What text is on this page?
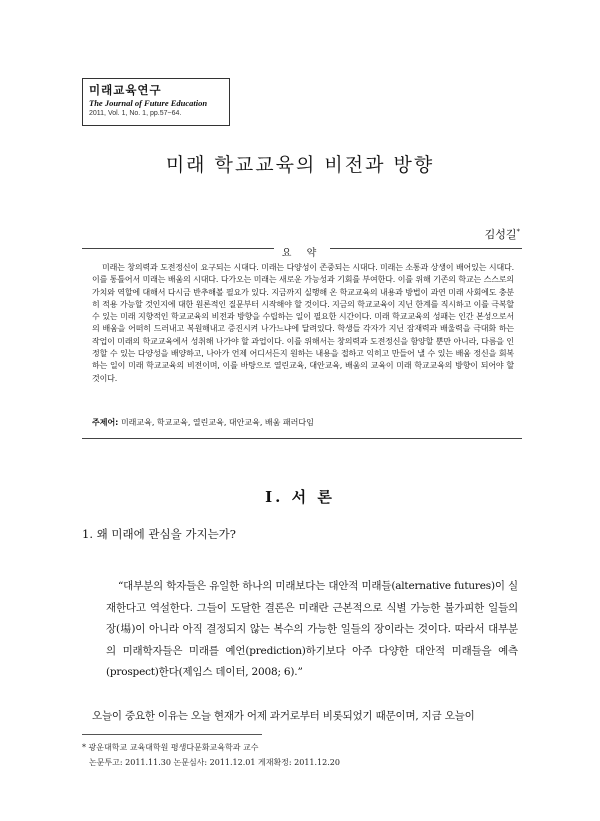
미래교육연구
The Journal of Future Education
2011, Vol. 1, No. 1, pp.57~64.
미래 학교교육의 비전과 방향
김성길*
요 약
미래는 창의력과 도전정신이 요구되는 시대다. 미래는 다양성이 존중되는 시대다. 미래는 소통과 상생이 배어있는 시대다. 이를 통틀어서 미래는 배움의 시대다. 다가오는 미래는 새로운 가능성과 기회를 부여한다. 이를 위해 기존의 학교는 스스로의 가치와 역할에 대해서 다시금 반추해볼 필요가 있다. 지금까지 실행해 온 학교교육의 내용과 방법이 과연 미래 사회에도 충분히 적용 가능할 것인지에 대한 원론적인 질문부터 시작해야 할 것이다. 지금의 학교교육이 지닌 한계를 직시하고 이를 극복할 수 있는 미래 지향적인 학교교육의 비전과 방향을 수립하는 일이 필요한 시간이다. 미래 학교교육의 성패는 인간 본성으로서의 배움을 어떠히 드러내고 복원해내고 증진시켜 나가느냐에 달려있다. 학생들 각자가 지닌 잠재력과 배울력을 극대화 하는 작업이 미래의 학교교육에서 성취해 나가야 할 과업이다. 이를 위해서는 창의력과 도전정신을 함양할 뿐만 아니라, 다름을 인정할 수 있는 다양성을 배양하고, 나아가 언제 어디서든지 원하는 내용을 접하고 익히고 만들어 낼 수 있는 배움 정신을 회복하는 일이 미래 학교교육의 비전이며, 이를 바탕으로 열린교육, 대안교육, 배움의 교육이 미래 학교교육의 방향이 되어야 할 것이다.
주제어: 미래교육, 학교교육, 열린교육, 대안교육, 배움 패러다임
I. 서 론
1. 왜 미래에 관심을 가지는가?
“대부분의 학자들은 유일한 하나의 미래보다는 대안적 미래들(alternative futures)이 실재한다고 역설한다. 그들이 도달한 결론은 미래란 근본적으로 식별 가능한 불가피한 일들의 장(場)이 아니라 아직 결정되지 않는 복수의 가능한 일들의 장이라는 것이다. 따라서 대부분의 미래학자들은 미래를 예언(prediction)하기보다 아주 다양한 대안적 미래들을 예측(prospect)한다(제임스 데이터, 2008; 6).”
오늘이 중요한 이유는 오늘 현재가 어제 과거로부터 비롯되었기 때문이며, 지금 오늘이
* 광운대학교 교육대학원 평생다문화교육학과 교수
논문투고: 2011.11.30 논문심사: 2011.12.01 게재확정: 2011.12.20
